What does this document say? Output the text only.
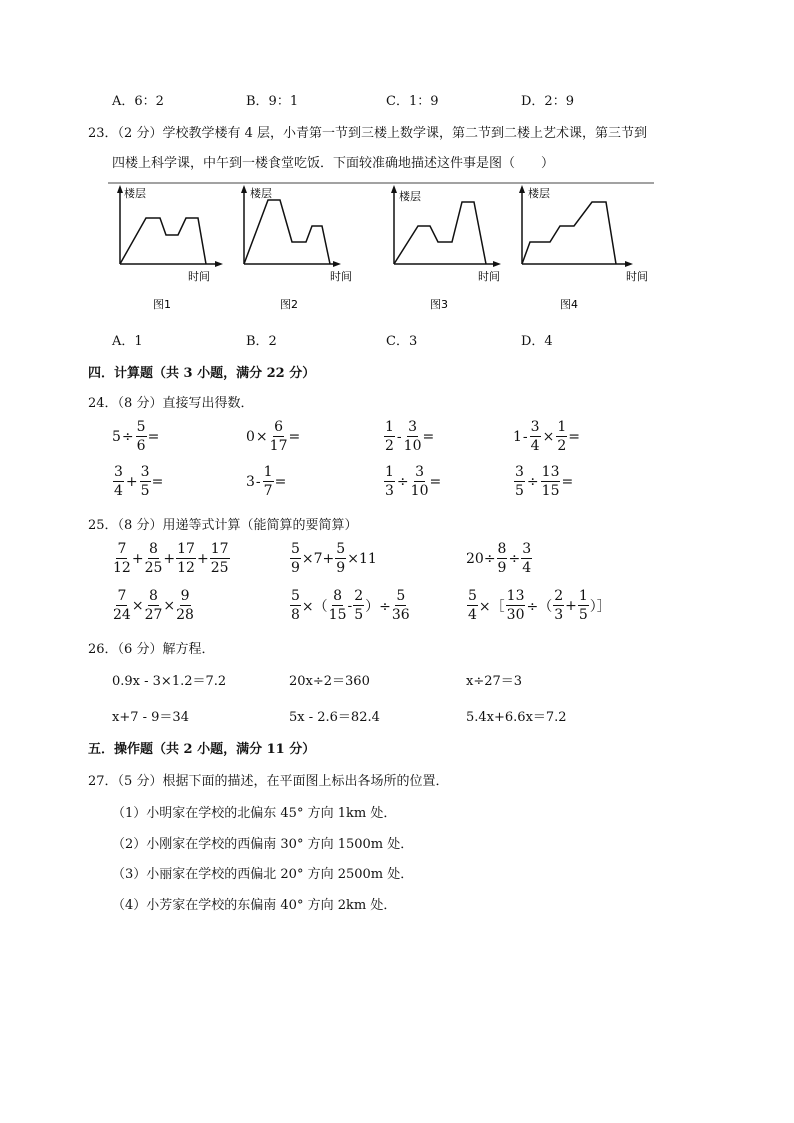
A．6：2	B．9：1	C．1：9	D．2：9
23．（2 分）学校教学楼有 4 层，小青第一节到三楼上数学课，第二节到二楼上艺术课，第三节到
四楼上科学课，中午到一楼食堂吃饭．下面较准确地描述这件事是图（　　）
楼层
时间
图1
楼层
时间
图2
楼层
时间
图3
楼层
时间
图4
A．1	B．2	C．3	D．4
四．计算题（共 3 小题，满分 22 分）
24．（8 分）直接写出得数．
$5 \div \frac{5}{6}$ =	$0 \times \frac{6}{17}$ =	$\frac{1}{2} - \frac{3}{10}$ =	$1 - \frac{3}{4} \times \frac{1}{2}$ =
$\frac{3}{4} + \frac{3}{5}$ =	$3 - \frac{1}{7}$ =	$\frac{1}{3} \div \frac{3}{10}$ =	$\frac{3}{5} \div \frac{13}{15}$ =
25．（8 分）用递等式计算（能简算的要简算）
$\frac{7}{12} + \frac{8}{25} + \frac{17}{12} + \frac{17}{25}$	$\frac{5}{9} \times 7+ \frac{5}{9} \times 11$	$20\div \frac{8}{9} \div \frac{3}{4}$
$\frac{7}{24} \times \frac{8}{27} \times \frac{9}{28}$	$\frac{5}{8}$ ×（ $\frac{8}{15} - \frac{2}{5}$ ）÷ $\frac{5}{36}$	$\frac{5}{4}$ ×［ $\frac{13}{30}$ ÷（ $\frac{2}{3} + \frac{1}{5}$ ）］
26．（6 分）解方程．
0.9x - 3×1.2＝7.2	20x÷2＝360	x÷27＝3
x+7 - 9＝34	5x - 2.6＝82.4	5.4x+6.6x＝7.2
五．操作题（共 2 小题，满分 11 分）
27．（5 分）根据下面的描述，在平面图上标出各场所的位置．
（1）小明家在学校的北偏东 45° 方向 1km 处．
（2）小刚家在学校的西偏南 30° 方向 1500m 处．
（3）小丽家在学校的西偏北 20° 方向 2500m 处．
（4）小芳家在学校的东偏南 40° 方向 2km 处．
